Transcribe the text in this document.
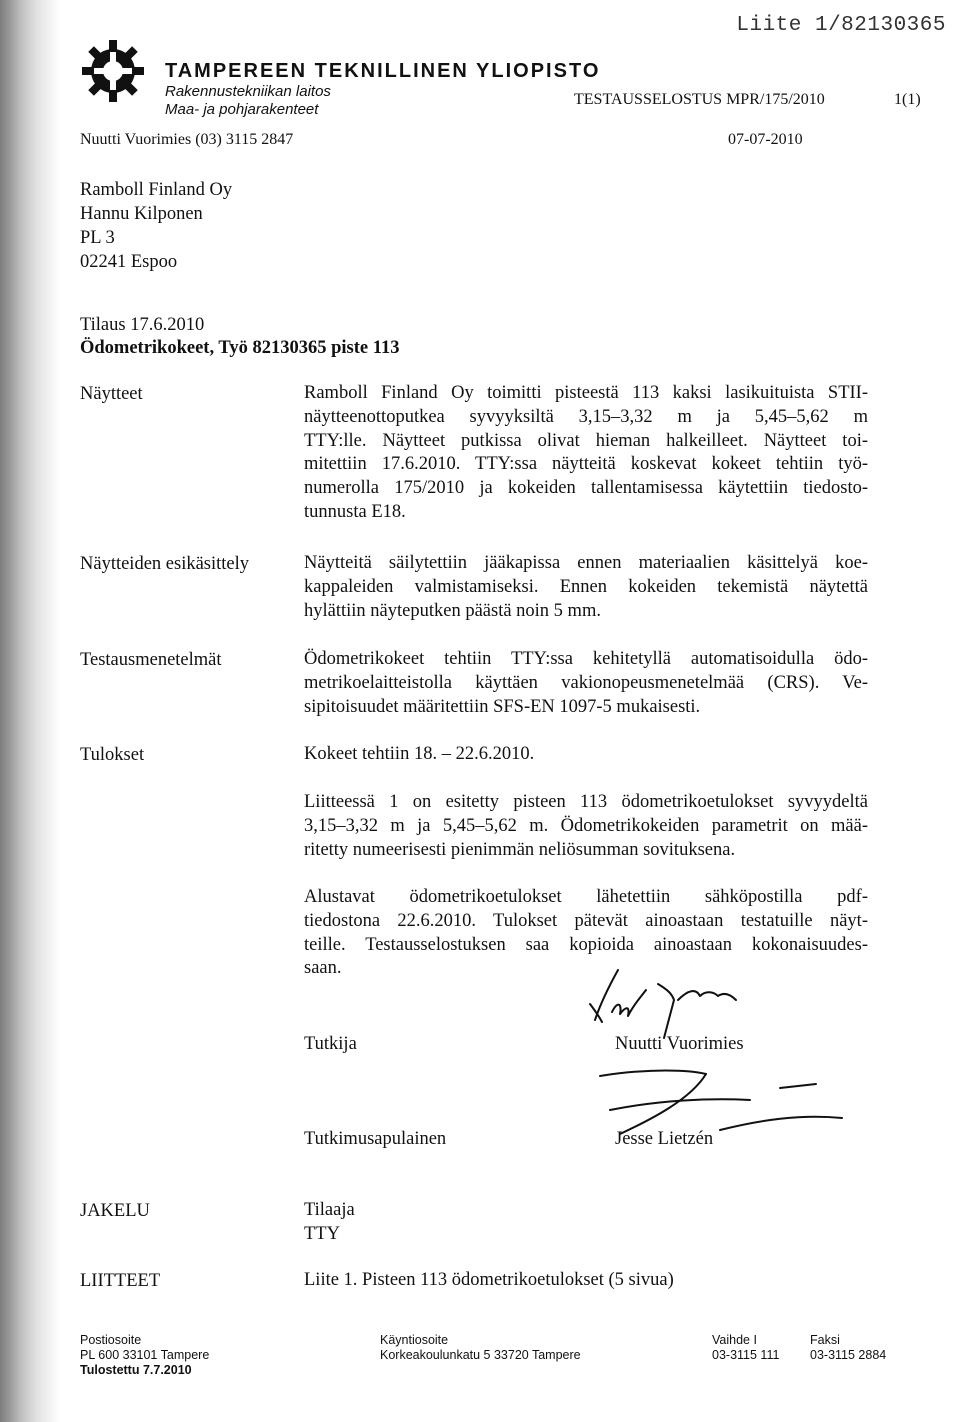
Liite 1/82130365
TAMPEREEN TEKNILLINEN YLIOPISTO
Rakennustekniikan laitos
Maa- ja pohjarakenteet
TESTAUSSELOSTUS MPR/175/2010	1(1)
Nuutti Vuorimies (03) 3115 2847	07-07-2010
Ramboll Finland Oy
Hannu Kilponen
PL 3
02241 Espoo
Tilaus 17.6.2010
Ödometrikokeet, Työ 82130365 piste 113
Näytteet	Ramboll Finland Oy toimitti pisteestä 113 kaksi lasikuituista STII-
näytteenottoputkea syvyyksiltä 3,15–3,32 m ja 5,45–5,62 m
TTY:lle. Näytteet putkissa olivat hieman halkeilleet. Näytteet toi-
mitettiin 17.6.2010. TTY:ssa näytteitä koskevat kokeet tehtiin työ-
numerolla 175/2010 ja kokeiden tallentamisessa käytettiin tiedosto-
tunnusta E18.
Näytteiden esikäsittely	Näytteitä säilytettiin jääkapissa ennen materiaalien käsittelyä koe-
kappaleiden valmistamiseksi. Ennen kokeiden tekemistä näytettä
hylättiin näyteputken päästä noin 5 mm.
Testausmenetelmät	Ödometrikokeet tehtiin TTY:ssa kehitetyllä automatisoidulla ödo-
metrikoelaitteistolla käyttäen vakionopeusmenetelmää (CRS). Ve-
sipitoisuudet määritettiin SFS-EN 1097-5 mukaisesti.
Tulokset	Kokeet tehtiin 18. – 22.6.2010.
Liitteessä 1 on esitetty pisteen 113 ödometrikoetulokset syvyydeltä
3,15–3,32 m ja 5,45–5,62 m. Ödometrikokeiden parametrit on mää-
ritetty numeerisesti pienimmän neliösumman sovituksena.
Alustavat ödometrikoetulokset lähetettiin sähköpostilla pdf-
tiedostona 22.6.2010. Tulokset pätevät ainoastaan testatuille näyt-
teille. Testausselostuksen saa kopioida ainoastaan kokonaisuudes-
saan.
Tutkija	Nuutti Vuorimies
Tutkimusapulainen	Jesse Lietzén
JAKELU	Tilaaja
TTY
LIITTEET	Liite 1. Pisteen 113 ödometrikoetulokset (5 sivua)
Postiosoite
PL 600 33101 Tampere
Tulostettu 7.7.2010
Käyntiosoite
Korkeakoulunkatu 5 33720 Tampere
Vaihde I
03-3115 111
Faksi
03-3115 2884
